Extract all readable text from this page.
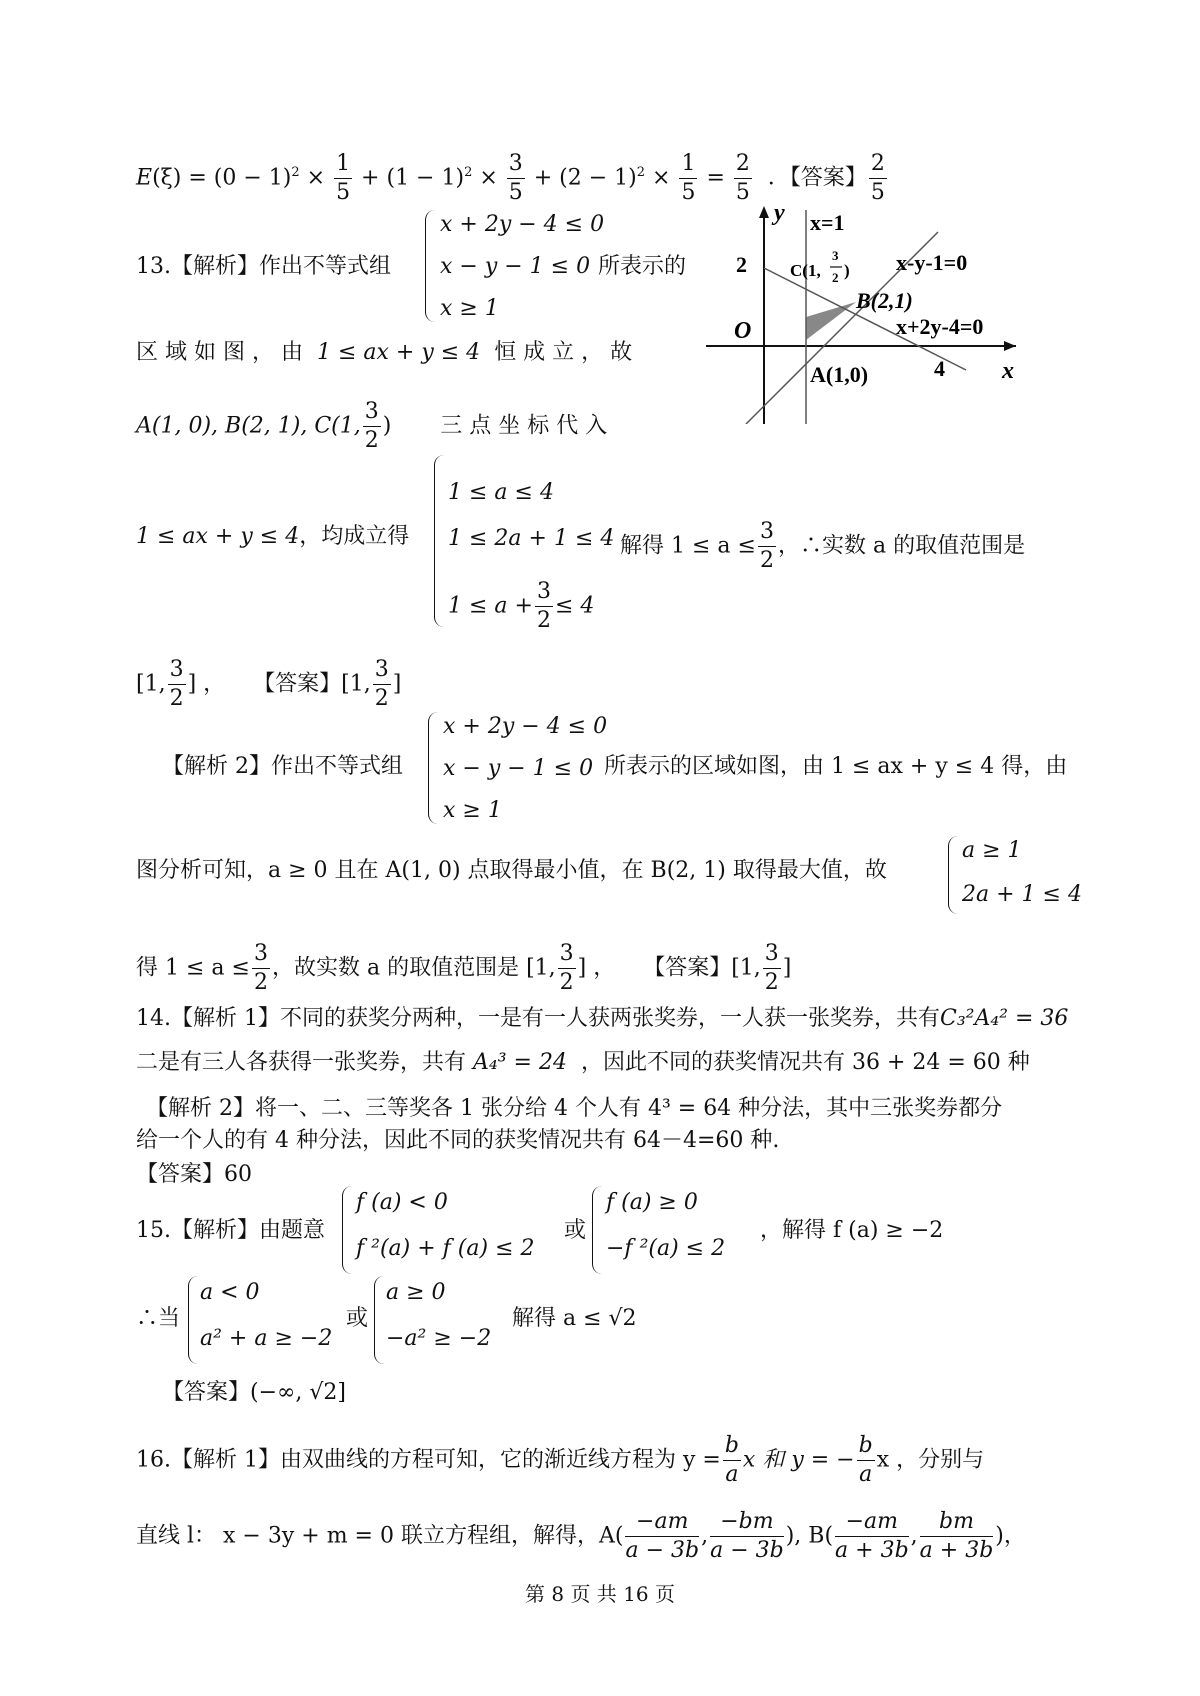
$E(\xi) = (0 - 1)^2 \times \frac{1}{5} + (1 - 1)^2 \times \frac{3}{5} + (2 - 1)^2 \times \frac{1}{5} = \frac{2}{5}$ ．【答案】 $\frac{2}{5}$
13.【解析】作出不等式组
x + 2y − 4 ≤ 0
x − y − 1 ≤ 0
x ≥ 1
所表示的
区 域 如 图 ， 由 1 ≤ ax + y ≤ 4 恒 成 立 ， 故
A(1, 0), B(2, 1), C(1, $\frac{3}{2}$ ) 三 点 坐 标 代 入
1 ≤ ax + y ≤ 4，均成立得
1 ≤ a ≤ 4
1 ≤ 2a + 1 ≤ 4
$1 \le a + \frac{3}{2} \le 4$
解得 $1 \le a \le \frac{3}{2}$ ，∴实数 a 的取值范围是
[1, $\frac{3}{2}$ ] ， 【答案】[1, $\frac{3}{2}$ ]
y
x
O
2
4
x=1
x-y-1=0
x+2y-4=0
B(2,1)
A(1,0)
C(1,
3
2 )
【解析 2】作出不等式组
x + 2y − 4 ≤ 0
x − y − 1 ≤ 0
x ≥ 1
所表示的区域如图，由 1 ≤ ax + y ≤ 4 得，由
图分析可知，a ≥ 0 且在 A(1, 0) 点取得最小值，在 B(2, 1) 取得最大值，故
a ≥ 1
2a + 1 ≤ 4
得 $1 \le a \le \frac{3}{2}$ ，故实数 a 的取值范围是 [1, $\frac{3}{2}$ ] ， 【答案】[1, $\frac{3}{2}$ ]
14.【解析 1】不同的获奖分两种，一是有一人获两张奖券，一人获一张奖券，共有C₃²A₄² = 36
二是有三人各获得一张奖券，共有 A₄³ = 24 ，因此不同的获奖情况共有 36 + 24 = 60 种
【解析 2】将一、二、三等奖各 1 张分给 4 个人有 4³ = 64 种分法，其中三张奖券都分
给一个人的有 4 种分法，因此不同的获奖情况共有 64－4=60 种.
【答案】60
15.【解析】由题意
f (a) < 0
f ²(a) + f (a) ≤ 2
或
f (a) ≥ 0
−f ²(a) ≤ 2
，解得 f (a) ≥ −2
∴当
a < 0
a² + a ≥ −2
或
a ≥ 0
−a² ≥ −2
解得 a ≤ √2
【答案】(−∞, √2]
16.【解析 1】由双曲线的方程可知，它的渐近线方程为 $y = \frac{b}{a}$ x 和 y = − $\frac{b}{a}$ x ，分别与
直线 l： x − 3y + m = 0 联立方程组，解得，$A( \frac{-am}{a - 3b}$ , $\frac{-bm}{a - 3b}$ ), $B( \frac{-am}{a + 3b}$ , $\frac{bm}{a + 3b}$ )，
第 8 页 共 16 页
